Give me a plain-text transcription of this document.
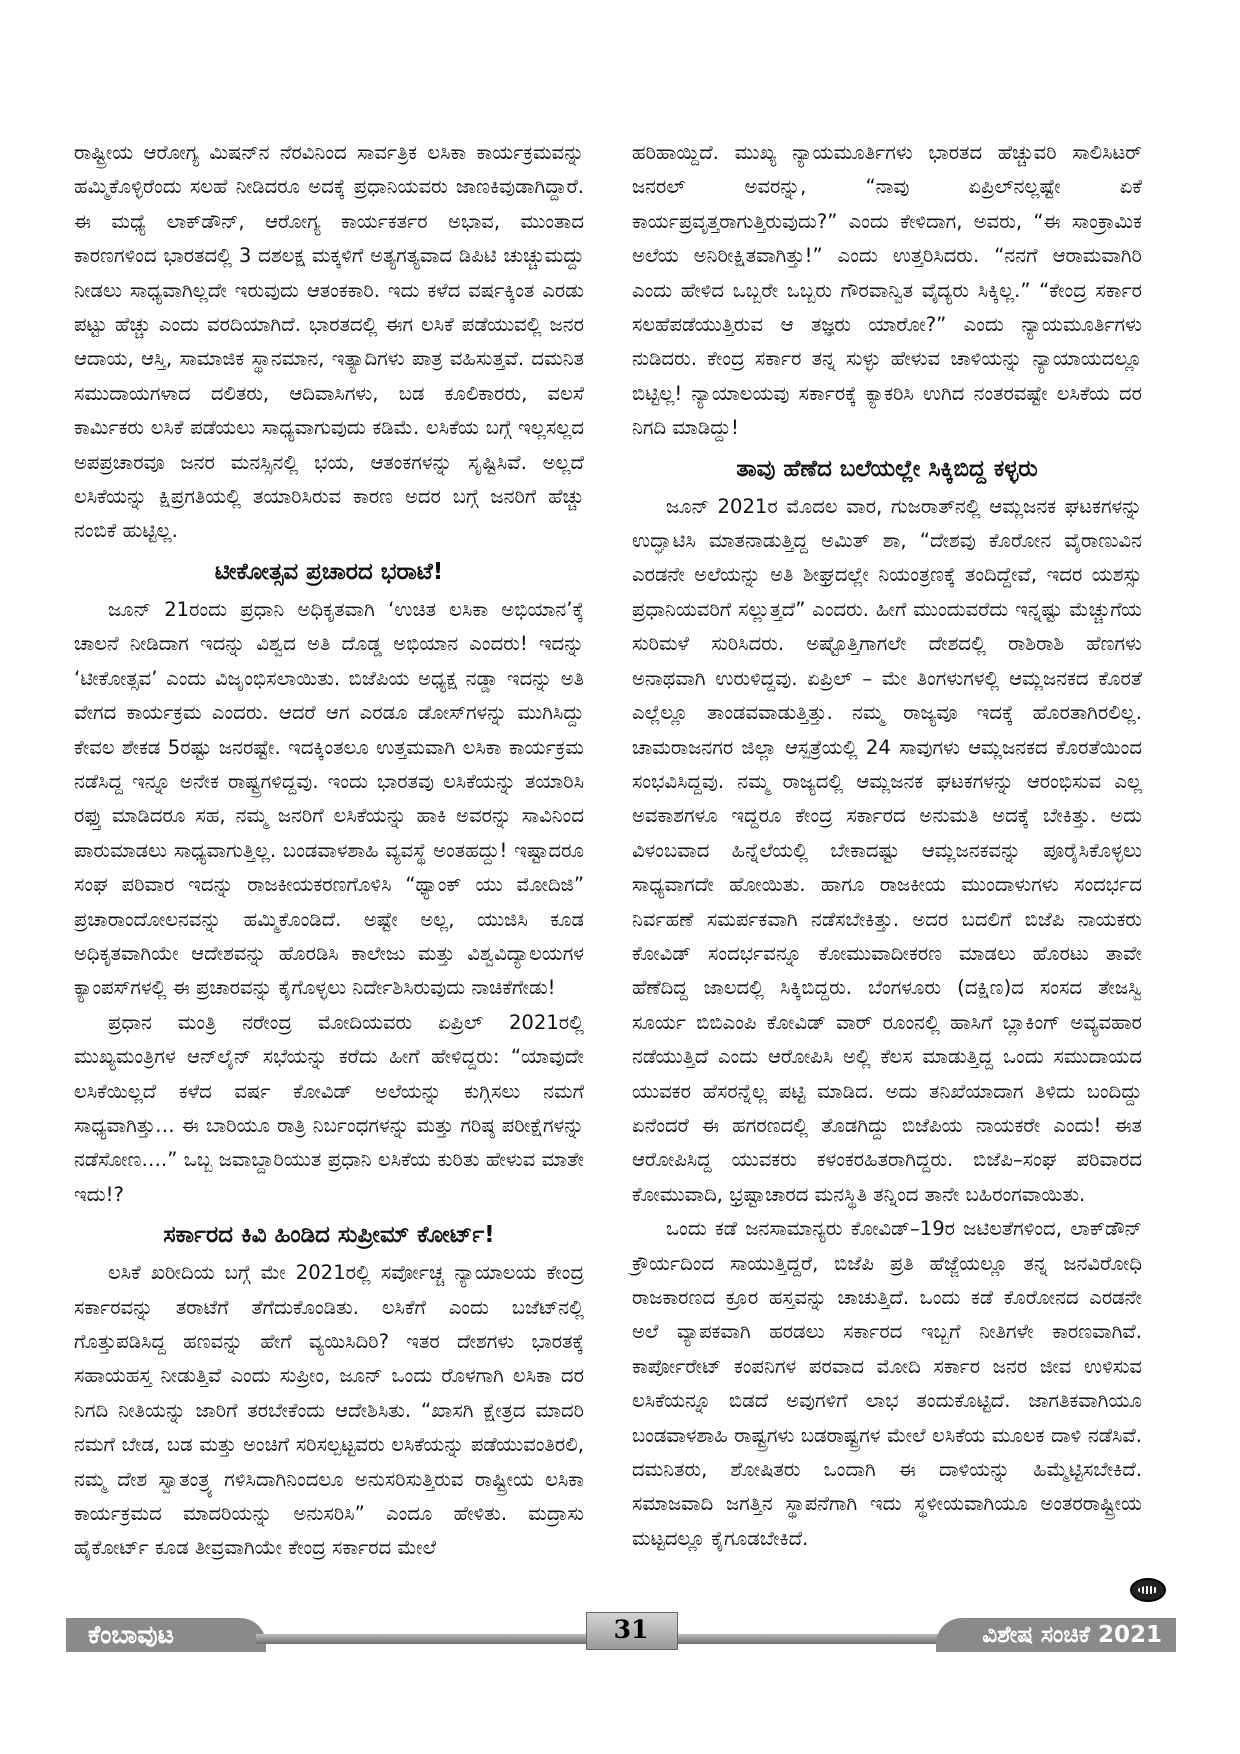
ರಾಷ್ಟ್ರೀಯ ಆರೋಗ್ಯ ಮಿಷನ್‌ನ ನೆರವಿನಿಂದ ಸಾರ್ವತ್ರಿಕ ಲಸಿಕಾ ಕಾರ್ಯಕ್ರಮವನ್ನು ಹಮ್ಮಿಕೊಳ್ಳಿರೆಂದು ಸಲಹೆ ನೀಡಿದರೂ ಅದಕ್ಕೆ ಪ್ರಧಾನಿಯವರು ಜಾಣಕಿವುಡಾಗಿದ್ದಾರೆ. ಈ ಮಧ್ಯೆ ಲಾಕ್‌ಡೌನ್, ಆರೋಗ್ಯ ಕಾರ್ಯಕರ್ತರ ಅಭಾವ, ಮುಂತಾದ ಕಾರಣಗಳಿಂದ ಭಾರತದಲ್ಲಿ 3 ದಶಲಕ್ಷ ಮಕ್ಕಳಿಗೆ ಅತ್ಯಗತ್ಯವಾದ ಡಿಪಿಟಿ ಚುಚ್ಚುಮದ್ದು ನೀಡಲು ಸಾಧ್ಯವಾಗಿಲ್ಲದೇ ಇರುವುದು ಆತಂಕಕಾರಿ. ಇದು ಕಳೆದ ವರ್ಷಕ್ಕಿಂತ ಎರಡು ಪಟ್ಟು ಹೆಚ್ಚು ಎಂದು ವರದಿಯಾಗಿದೆ. ಭಾರತದಲ್ಲಿ ಈಗ ಲಸಿಕೆ ಪಡೆಯುವಲ್ಲಿ ಜನರ ಆದಾಯ, ಆಸ್ತಿ, ಸಾಮಾಜಿಕ ಸ್ಥಾನಮಾನ, ಇತ್ಯಾದಿಗಳು ಪಾತ್ರ ವಹಿಸುತ್ತವೆ. ದಮನಿತ ಸಮುದಾಯಗಳಾದ ದಲಿತರು, ಆದಿವಾಸಿಗಳು, ಬಡ ಕೂಲಿಕಾರರು, ವಲಸೆ ಕಾರ್ಮಿಕರು ಲಸಿಕೆ ಪಡೆಯಲು ಸಾಧ್ಯವಾಗುವುದು ಕಡಿಮೆ. ಲಸಿಕೆಯ ಬಗ್ಗೆ ಇಲ್ಲಸಲ್ಲದ ಅಪಪ್ರಚಾರವೂ ಜನರ ಮನಸ್ಸಿನಲ್ಲಿ ಭಯ, ಆತಂಕಗಳನ್ನು ಸೃಷ್ಟಿಸಿವೆ. ಅಲ್ಲದೆ ಲಸಿಕೆಯನ್ನು ಕ್ಷಿಪ್ರಗತಿಯಲ್ಲಿ ತಯಾರಿಸಿರುವ ಕಾರಣ ಅದರ ಬಗ್ಗೆ ಜನರಿಗೆ ಹೆಚ್ಚು ನಂಬಿಕೆ ಹುಟ್ಟಿಲ್ಲ.

ಟೀಕೋತ್ಸವ ಪ್ರಚಾರದ ಭರಾಟೆ!

ಜೂನ್ 21ರಂದು ಪ್ರಧಾನಿ ಅಧಿಕೃತವಾಗಿ ‘ಉಚಿತ ಲಸಿಕಾ ಅಭಿಯಾನ’ಕ್ಕೆ ಚಾಲನೆ ನೀಡಿದಾಗ ಇದನ್ನು ವಿಶ್ವದ ಅತಿ ದೊಡ್ಡ ಅಭಿಯಾನ ಎಂದರು! ಇದನ್ನು ‘ಟೀಕೋತ್ಸವ’ ಎಂದು ವಿಜೃಂಭಿಸಲಾಯಿತು. ಬಿಜೆಪಿಯ ಅಧ್ಯಕ್ಷ ನಡ್ಡಾ ಇದನ್ನು ಅತಿ ವೇಗದ ಕಾರ್ಯಕ್ರಮ ಎಂದರು. ಆದರೆ ಆಗ ಎರಡೂ ಡೋಸ್‌ಗಳನ್ನು ಮುಗಿಸಿದ್ದು ಕೇವಲ ಶೇಕಡ 5ರಷ್ಟು ಜನರಷ್ಟೇ. ಇದಕ್ಕಿಂತಲೂ ಉತ್ತಮವಾಗಿ ಲಸಿಕಾ ಕಾರ್ಯಕ್ರಮ ನಡೆಸಿದ್ದ ಇನ್ನೂ ಅನೇಕ ರಾಷ್ಟ್ರಗಳಿದ್ದವು. ಇಂದು ಭಾರತವು ಲಸಿಕೆಯನ್ನು ತಯಾರಿಸಿ ರಫ್ತು ಮಾಡಿದರೂ ಸಹ, ನಮ್ಮ ಜನರಿಗೆ ಲಸಿಕೆಯನ್ನು ಹಾಕಿ ಅವರನ್ನು ಸಾವಿನಿಂದ ಪಾರುಮಾಡಲು ಸಾಧ್ಯವಾಗುತ್ತಿಲ್ಲ. ಬಂಡವಾಳಶಾಹಿ ವ್ಯವಸ್ಥೆ ಅಂತಹದ್ದು! ಇಷ್ಟಾದರೂ ಸಂಘ ಪರಿವಾರ ಇದನ್ನು ರಾಜಕೀಯಕರಣಗೊಳಿಸಿ “ಥ್ಯಾಂಕ್ ಯು ಮೋದಿಜಿ” ಪ್ರಚಾರಾಂದೋಲನವನ್ನು ಹಮ್ಮಿಕೊಂಡಿದೆ. ಅಷ್ಟೇ ಅಲ್ಲ, ಯುಜಿಸಿ ಕೂಡ ಅಧಿಕೃತವಾಗಿಯೇ ಆದೇಶವನ್ನು ಹೊರಡಿಸಿ ಕಾಲೇಜು ಮತ್ತು ವಿಶ್ವವಿದ್ಯಾಲಯಗಳ ಕ್ಯಾಂಪಸ್‌ಗಳಲ್ಲಿ ಈ ಪ್ರಚಾರವನ್ನು ಕೈಗೊಳ್ಳಲು ನಿರ್ದೇಶಿಸಿರುವುದು ನಾಚಿಕೆಗೇಡು!

ಪ್ರಧಾನ ಮಂತ್ರಿ ನರೇಂದ್ರ ಮೋದಿಯವರು ಏಪ್ರಿಲ್ 2021ರಲ್ಲಿ ಮುಖ್ಯಮಂತ್ರಿಗಳ ಆನ್‌ಲೈನ್ ಸಭೆಯನ್ನು ಕರೆದು ಹೀಗೆ ಹೇಳಿದ್ದರು: “ಯಾವುದೇ ಲಸಿಕೆಯಿಲ್ಲದೆ ಕಳೆದ ವರ್ಷ ಕೋವಿಡ್ ಅಲೆಯನ್ನು ಕುಗ್ಗಿಸಲು ನಮಗೆ ಸಾಧ್ಯವಾಗಿತ್ತು… ಈ ಬಾರಿಯೂ ರಾತ್ರಿ ನಿರ್ಬಂಧಗಳನ್ನು ಮತ್ತು ಗರಿಷ್ಠ ಪರೀಕ್ಷೆಗಳನ್ನು ನಡೆಸೋಣ….” ಒಬ್ಬ ಜವಾಬ್ದಾರಿಯುತ ಪ್ರಧಾನಿ ಲಸಿಕೆಯ ಕುರಿತು ಹೇಳುವ ಮಾತೇ ಇದು!?

ಸರ್ಕಾರದ ಕಿವಿ ಹಿಂಡಿದ ಸುಪ್ರೀಮ್ ಕೋರ್ಟ್!

ಲಸಿಕೆ ಖರೀದಿಯ ಬಗ್ಗೆ ಮೇ 2021ರಲ್ಲಿ ಸರ್ವೋಚ್ಚ ನ್ಯಾಯಾಲಯ ಕೇಂದ್ರ ಸರ್ಕಾರವನ್ನು ತರಾಟೆಗೆ ತೆಗೆದುಕೊಂಡಿತು. ಲಸಿಕೆಗೆ ಎಂದು ಬಜೆಟ್‌ನಲ್ಲಿ ಗೊತ್ತುಪಡಿಸಿದ್ದ ಹಣವನ್ನು ಹೇಗೆ ವ್ಯಯಿಸಿದಿರಿ? ಇತರ ದೇಶಗಳು ಭಾರತಕ್ಕೆ ಸಹಾಯಹಸ್ತ ನೀಡುತ್ತಿವೆ ಎಂದು ಸುಪ್ರೀಂ, ಜೂನ್ ಒಂದು ರೊಳಗಾಗಿ ಲಸಿಕಾ ದರ ನಿಗದಿ ನೀತಿಯನ್ನು ಜಾರಿಗೆ ತರಬೇಕೆಂದು ಆದೇಶಿಸಿತು. “ಖಾಸಗಿ ಕ್ಷೇತ್ರದ ಮಾದರಿ ನಮಗೆ ಬೇಡ, ಬಡ ಮತ್ತು ಅಂಚಿಗೆ ಸರಿಸಲ್ಪಟ್ಟವರು ಲಸಿಕೆಯನ್ನು ಪಡೆಯುವಂತಿರಲಿ, ನಮ್ಮ ದೇಶ ಸ್ವಾತಂತ್ರ್ಯ ಗಳಿಸಿದಾಗಿನಿಂದಲೂ ಅನುಸರಿಸುತ್ತಿರುವ ರಾಷ್ಟ್ರೀಯ ಲಸಿಕಾ ಕಾರ್ಯಕ್ರಮದ ಮಾದರಿಯನ್ನು ಅನುಸರಿಸಿ” ಎಂದೂ ಹೇಳಿತು. ಮದ್ರಾಸು ಹೈಕೋರ್ಟ್ ಕೂಡ ತೀವ್ರವಾಗಿಯೇ ಕೇಂದ್ರ ಸರ್ಕಾರದ ಮೇಲೆ

ಹರಿಹಾಯ್ದಿದೆ. ಮುಖ್ಯ ನ್ಯಾಯಮೂರ್ತಿಗಳು ಭಾರತದ ಹೆಚ್ಚುವರಿ ಸಾಲಿಸಿಟರ್ ಜನರಲ್ ಅವರನ್ನು, “ನಾವು ಏಪ್ರಿಲ್‌ನಲ್ಲಷ್ಟೇ ಏಕೆ ಕಾರ್ಯಪ್ರವೃತ್ತರಾಗುತ್ತಿರುವುದು?” ಎಂದು ಕೇಳಿದಾಗ, ಅವರು, “ಈ ಸಾಂಕ್ರಾಮಿಕ ಅಲೆಯ ಅನಿರೀಕ್ಷಿತವಾಗಿತ್ತು!” ಎಂದು ಉತ್ತರಿಸಿದರು. “ನನಗೆ ಆರಾಮವಾಗಿರಿ ಎಂದು ಹೇಳಿದ ಒಬ್ಬರೇ ಒಬ್ಬರು ಗೌರವಾನ್ವಿತ ವೈದ್ಯರು ಸಿಕ್ಕಿಲ್ಲ.” “ಕೇಂದ್ರ ಸರ್ಕಾರ ಸಲಹೆಪಡೆಯುತ್ತಿರುವ ಆ ತಜ್ಞರು ಯಾರೋ?” ಎಂದು ನ್ಯಾಯಮೂರ್ತಿಗಳು ನುಡಿದರು. ಕೇಂದ್ರ ಸರ್ಕಾರ ತನ್ನ ಸುಳ್ಳು ಹೇಳುವ ಚಾಳಿಯನ್ನು ನ್ಯಾಯಾಯದಲ್ಲೂ ಬಿಟ್ಟಿಲ್ಲ! ನ್ಯಾಯಾಲಯವು ಸರ್ಕಾರಕ್ಕೆ ಕ್ಯಾಕರಿಸಿ ಉಗಿದ ನಂತರವಷ್ಟೇ ಲಸಿಕೆಯ ದರ ನಿಗದಿ ಮಾಡಿದ್ದು!

ತಾವು ಹೆಣೆದ ಬಲೆಯಲ್ಲೇ ಸಿಕ್ಕಿಬಿದ್ದ ಕಳ್ಳರು

ಜೂನ್ 2021ರ ಮೊದಲ ವಾರ, ಗುಜರಾತ್‌ನಲ್ಲಿ ಆಮ್ಲಜನಕ ಘಟಕಗಳನ್ನು ಉದ್ಘಾಟಿಸಿ ಮಾತನಾಡುತ್ತಿದ್ದ ಅಮಿತ್ ಶಾ, “ದೇಶವು ಕೊರೋನ ವೈರಾಣುವಿನ ಎರಡನೇ ಅಲೆಯನ್ನು ಅತಿ ಶೀಘ್ರದಲ್ಲೇ ನಿಯಂತ್ರಣಕ್ಕೆ ತಂದಿದ್ದೇವೆ, ಇದರ ಯಶಸ್ಸು ಪ್ರಧಾನಿಯವರಿಗೆ ಸಲ್ಲುತ್ತದೆ” ಎಂದರು. ಹೀಗೆ ಮುಂದುವರೆದು ಇನ್ನಷ್ಟು ಮೆಚ್ಚುಗೆಯ ಸುರಿಮಳೆ ಸುರಿಸಿದರು. ಅಷ್ಟೊತ್ತಿಗಾಗಲೇ ದೇಶದಲ್ಲಿ ರಾಶಿರಾಶಿ ಹೆಣಗಳು ಅನಾಥವಾಗಿ ಉರುಳಿದ್ದವು. ಏಪ್ರಿಲ್ – ಮೇ ತಿಂಗಳುಗಳಲ್ಲಿ ಆಮ್ಲಜನಕದ ಕೊರತೆ ಎಲ್ಲೆಲ್ಲೂ ತಾಂಡವವಾಡುತ್ತಿತ್ತು. ನಮ್ಮ ರಾಜ್ಯವೂ ಇದಕ್ಕೆ ಹೊರತಾಗಿರಲಿಲ್ಲ. ಚಾಮರಾಜನಗರ ಜಿಲ್ಲಾ ಆಸ್ಪತ್ರೆಯಲ್ಲಿ 24 ಸಾವುಗಳು ಆಮ್ಲಜನಕದ ಕೊರತೆಯಿಂದ ಸಂಭವಿಸಿದ್ದವು. ನಮ್ಮ ರಾಜ್ಯದಲ್ಲಿ ಆಮ್ಲಜನಕ ಘಟಕಗಳನ್ನು ಆರಂಭಿಸುವ ಎಲ್ಲ ಅವಕಾಶಗಳೂ ಇದ್ದರೂ ಕೇಂದ್ರ ಸರ್ಕಾರದ ಅನುಮತಿ ಅದಕ್ಕೆ ಬೇಕಿತ್ತು. ಅದು ವಿಳಂಬವಾದ ಹಿನ್ನೆಲೆಯಲ್ಲಿ ಬೇಕಾದಷ್ಟು ಆಮ್ಲಜನಕವನ್ನು ಪೂರೈಸಿಕೊಳ್ಳಲು ಸಾಧ್ಯವಾಗದೇ ಹೋಯಿತು. ಹಾಗೂ ರಾಜಕೀಯ ಮುಂದಾಳುಗಳು ಸಂದರ್ಭದ ನಿರ್ವಹಣೆ ಸಮರ್ಪಕವಾಗಿ ನಡೆಸಬೇಕಿತ್ತು. ಅದರ ಬದಲಿಗೆ ಬಿಜೆಪಿ ನಾಯಕರು ಕೋವಿಡ್ ಸಂದರ್ಭವನ್ನೂ ಕೋಮುವಾದೀಕರಣ ಮಾಡಲು ಹೊರಟು ತಾವೇ ಹೆಣೆದಿದ್ದ ಜಾಲದಲ್ಲಿ ಸಿಕ್ಕಿಬಿದ್ದರು. ಬೆಂಗಳೂರು (ದಕ್ಷಿಣ)ದ ಸಂಸದ ತೇಜಸ್ವಿ ಸೂರ್ಯ ಬಿಬಿಎಂಪಿ ಕೋವಿಡ್ ವಾರ್ ರೂಂನಲ್ಲಿ ಹಾಸಿಗೆ ಬ್ಲಾಕಿಂಗ್ ಅವ್ಯವಹಾರ ನಡೆಯುತ್ತಿದೆ ಎಂದು ಆರೋಪಿಸಿ ಅಲ್ಲಿ ಕೆಲಸ ಮಾಡುತ್ತಿದ್ದ ಒಂದು ಸಮುದಾಯದ ಯುವಕರ ಹೆಸರನ್ನೆಲ್ಲ ಪಟ್ಟಿ ಮಾಡಿದ. ಅದು ತನಿಖೆಯಾದಾಗ ತಿಳಿದು ಬಂದಿದ್ದು ಏನೆಂದರೆ ಈ ಹಗರಣದಲ್ಲಿ ತೊಡಗಿದ್ದು ಬಿಜೆಪಿಯ ನಾಯಕರೇ ಎಂದು! ಈತ ಆರೋಪಿಸಿದ್ದ ಯುವಕರು ಕಳಂಕರಹಿತರಾಗಿದ್ದರು. ಬಿಜೆಪಿ–ಸಂಘ ಪರಿವಾರದ ಕೋಮುವಾದಿ, ಭ್ರಷ್ಟಾಚಾರದ ಮನಸ್ಥಿತಿ ತನ್ನಿಂದ ತಾನೇ ಬಹಿರಂಗವಾಯಿತು.

ಒಂದು ಕಡೆ ಜನಸಾಮಾನ್ಯರು ಕೋವಿಡ್–19ರ ಜಟಿಲತೆಗಳಿಂದ, ಲಾಕ್‌ಡೌನ್ ಕ್ರೌರ್ಯದಿಂದ ಸಾಯುತ್ತಿದ್ದರೆ, ಬಿಜೆಪಿ ಪ್ರತಿ ಹೆಜ್ಜೆಯಲ್ಲೂ ತನ್ನ ಜನವಿರೋಧಿ ರಾಜಕಾರಣದ ಕ್ರೂರ ಹಸ್ತವನ್ನು ಚಾಚುತ್ತಿದೆ. ಒಂದು ಕಡೆ ಕೊರೋನದ ಎರಡನೇ ಅಲೆ ವ್ಯಾಪಕವಾಗಿ ಹರಡಲು ಸರ್ಕಾರದ ಇಬ್ಬಗೆ ನೀತಿಗಳೇ ಕಾರಣವಾಗಿವೆ. ಕಾರ್ಪೋರೇಟ್ ಕಂಪನಿಗಳ ಪರವಾದ ಮೋದಿ ಸರ್ಕಾರ ಜನರ ಜೀವ ಉಳಿಸುವ ಲಸಿಕೆಯನ್ನೂ ಬಿಡದೆ ಅವುಗಳಿಗೆ ಲಾಭ ತಂದುಕೊಟ್ಟಿದೆ. ಜಾಗತಿಕವಾಗಿಯೂ ಬಂಡವಾಳಶಾಹಿ ರಾಷ್ಟ್ರಗಳು ಬಡರಾಷ್ಟ್ರಗಳ ಮೇಲೆ ಲಸಿಕೆಯ ಮೂಲಕ ದಾಳಿ ನಡೆಸಿವೆ. ದಮನಿತರು, ಶೋಷಿತರು ಒಂದಾಗಿ ಈ ದಾಳಿಯನ್ನು ಹಿಮ್ಮೆಟ್ಟಿಸಬೇಕಿದೆ. ಸಮಾಜವಾದಿ ಜಗತ್ತಿನ ಸ್ಥಾಪನೆಗಾಗಿ ಇದು ಸ್ಥಳೀಯವಾಗಿಯೂ ಅಂತರರಾಷ್ಟ್ರೀಯ ಮಟ್ಟದಲ್ಲೂ ಕೈಗೂಡಬೇಕಿದೆ.

ಕೆಂಬಾವುಟ	31	ವಿಶೇಷ ಸಂಚಿಕೆ 2021
